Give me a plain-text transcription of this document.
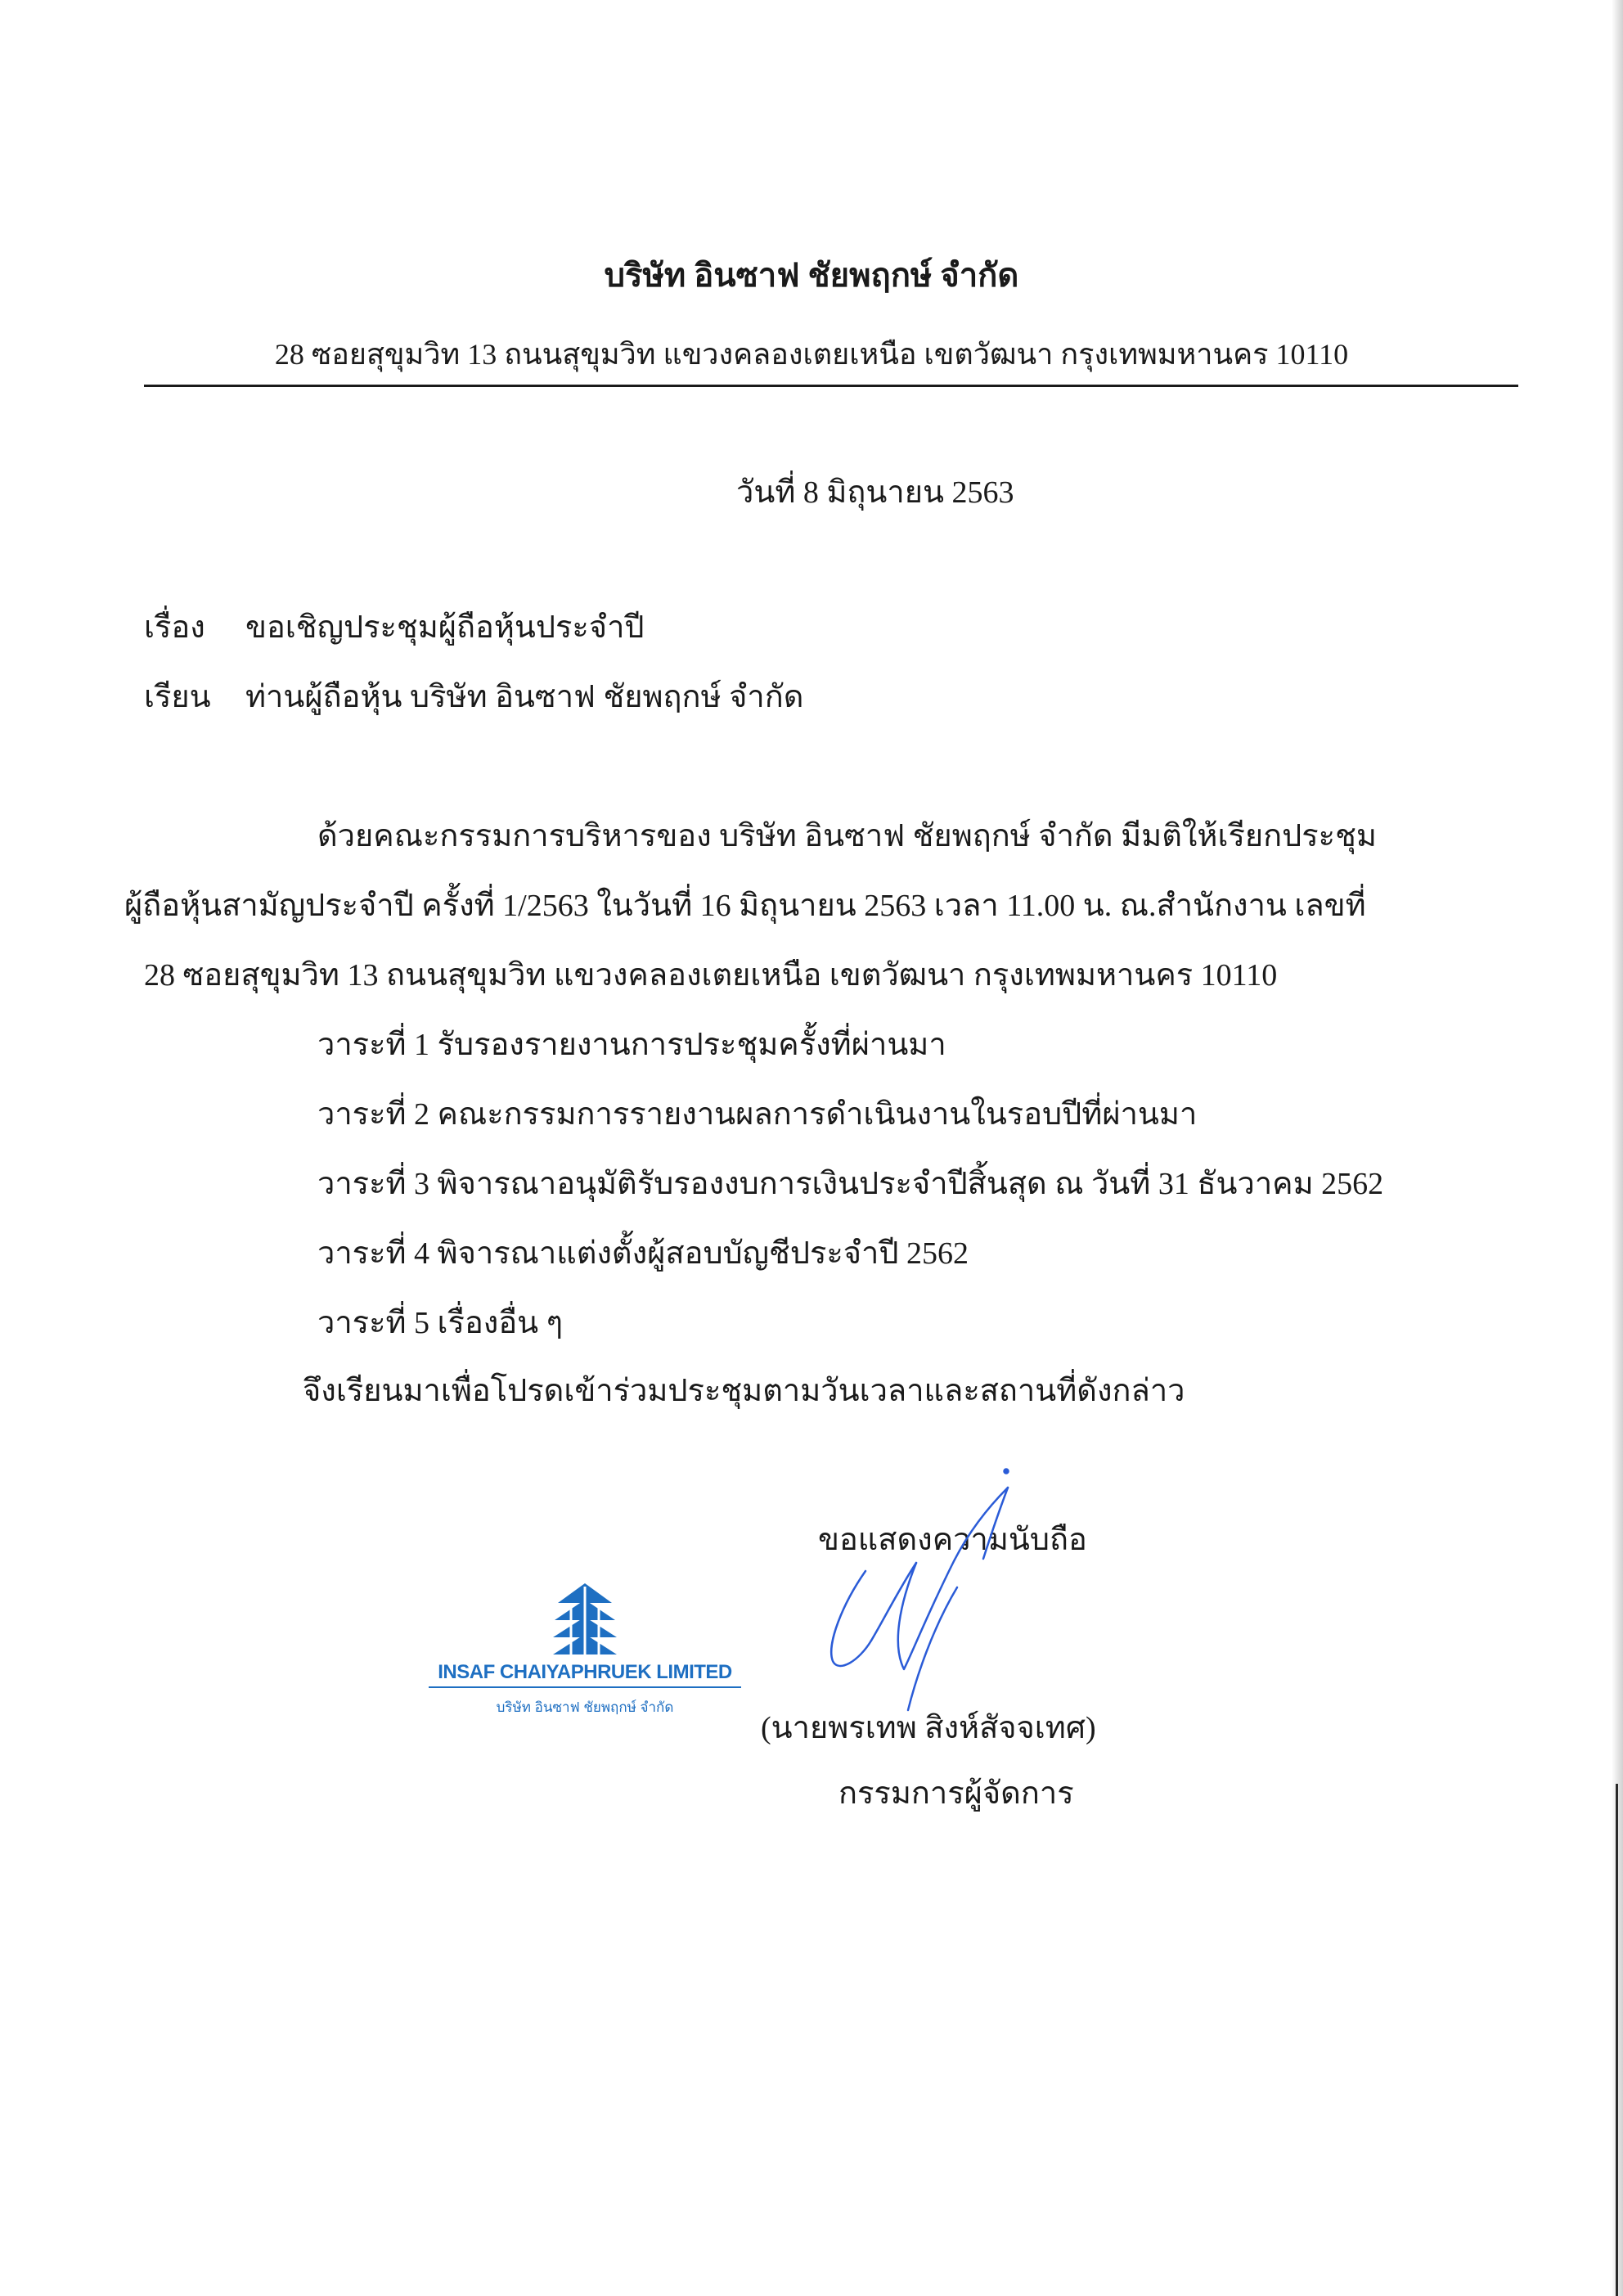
บริษัท อินซาฟ ชัยพฤกษ์ จำกัด
28 ซอยสุขุมวิท 13 ถนนสุขุมวิท แขวงคลองเตยเหนือ เขตวัฒนา กรุงเทพมหานคร 10110
วันที่ 8 มิถุนายน 2563
เรื่อง ขอเชิญประชุมผู้ถือหุ้นประจำปี
เรียน ท่านผู้ถือหุ้น บริษัท อินซาฟ ชัยพฤกษ์ จำกัด
ด้วยคณะกรรมการบริหารของ บริษัท อินซาฟ ชัยพฤกษ์ จำกัด มีมติให้เรียกประชุม
ผู้ถือหุ้นสามัญประจำปี ครั้งที่ 1/2563 ในวันที่ 16 มิถุนายน 2563 เวลา 11.00 น. ณ.สำนักงาน เลขที่
28 ซอยสุขุมวิท 13 ถนนสุขุมวิท แขวงคลองเตยเหนือ เขตวัฒนา กรุงเทพมหานคร 10110
วาระที่ 1 รับรองรายงานการประชุมครั้งที่ผ่านมา
วาระที่ 2 คณะกรรมการรายงานผลการดำเนินงานในรอบปีที่ผ่านมา
วาระที่ 3 พิจารณาอนุมัติรับรองงบการเงินประจำปีสิ้นสุด ณ วันที่ 31 ธันวาคม 2562
วาระที่ 4 พิจารณาแต่งตั้งผู้สอบบัญชีประจำปี 2562
วาระที่ 5 เรื่องอื่น ๆ
จึงเรียนมาเพื่อโปรดเข้าร่วมประชุมตามวันเวลาและสถานที่ดังกล่าว
ขอแสดงความนับถือ
INSAF CHAIYAPHRUEK LIMITED
บริษัท อินซาฟ ชัยพฤกษ์ จำกัด
(นายพรเทพ สิงห์สัจจเทศ)
กรรมการผู้จัดการ
